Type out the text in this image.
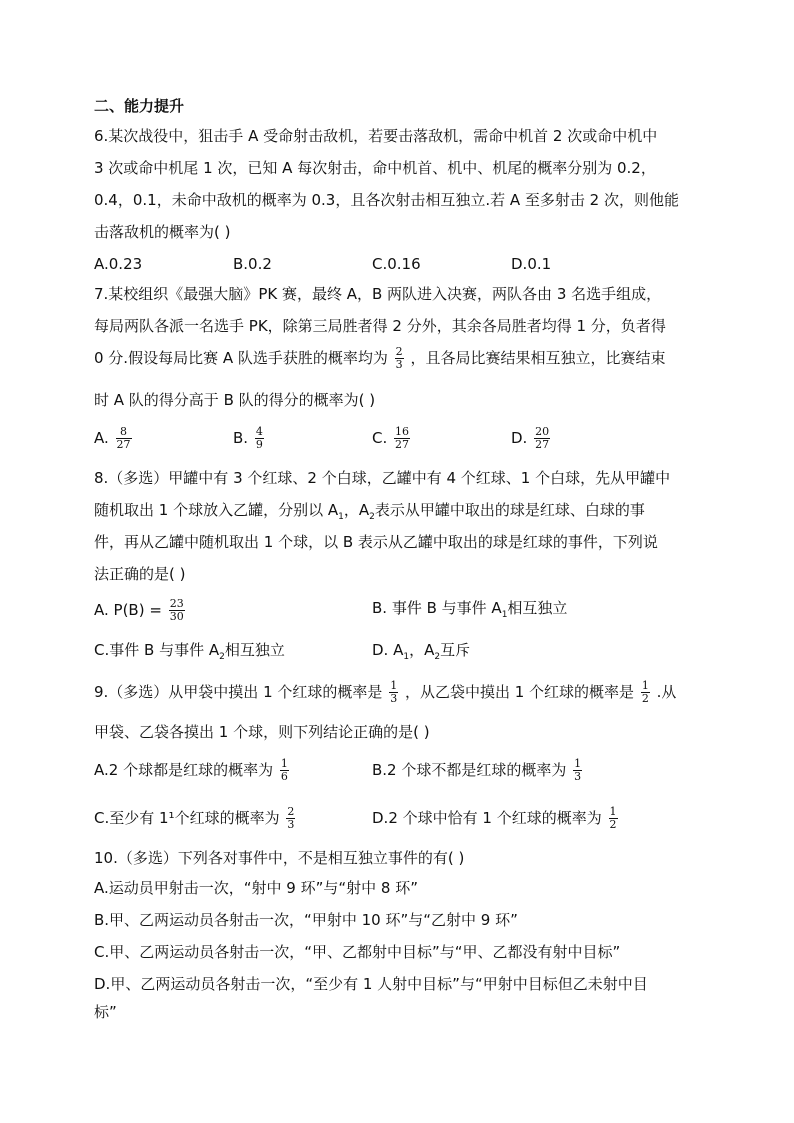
二、能力提升
6.某次战役中，狙击手 A 受命射击敌机，若要击落敌机，需命中机首 2 次或命中机中
3 次或命中机尾 1 次，已知 A 每次射击，命中机首、机中、机尾的概率分别为 0.2，
0.4，0.1，未命中敌机的概率为 0.3，且各次射击相互独立.若 A 至多射击 2 次，则他能
击落敌机的概率为( )
A.0.23	B.0.2	C.0.16	D.0.1
7.某校组织《最强大脑》PK 赛，最终 A，B 两队进入决赛，两队各由 3 名选手组成，
每局两队各派一名选手 PK，除第三局胜者得 2 分外，其余各局胜者均得 1 分，负者得
0 分.假设每局比赛 A 队选手获胜的概率均为 $\frac{2}{3}$ ，且各局比赛结果相互独立，比赛结束
时 A 队的得分高于 B 队的得分的概率为( )
A. $\frac{8}{27}$	B. $\frac{4}{9}$	C. $\frac{16}{27}$	D. $\frac{20}{27}$
8.（多选）甲罐中有 3 个红球、2 个白球，乙罐中有 4 个红球、1 个白球，先从甲罐中
随机取出 1 个球放入乙罐，分别以 $A_1$，$A_2$表示从甲罐中取出的球是红球、白球的事
件，再从乙罐中随机取出 1 个球，以 B 表示从乙罐中取出的球是红球的事件，下列说
法正确的是( )
A. $P(B) = \frac{23}{30}$	B. 事件 B 与事件 $A_1$相互独立
C.事件 B 与事件 $A_2$相互独立	D. $A_1$，$A_2$互斥
9.（多选）从甲袋中摸出 1 个红球的概率是 $\frac{1}{3}$ ，从乙袋中摸出 1 个红球的概率是 $\frac{1}{2}$ .从
甲袋、乙袋各摸出 1 个球，则下列结论正确的是( )
A.2 个球都是红球的概率为 $\frac{1}{6}$	B.2 个球不都是红球的概率为 $\frac{1}{3}$
C.至少有 1¹个红球的概率为 $\frac{2}{3}$	D.2 个球中恰有 1 个红球的概率为 $\frac{1}{2}$
10.（多选）下列各对事件中，不是相互独立事件的有( )
A.运动员甲射击一次，“射中 9 环”与“射中 8 环”
B.甲、乙两运动员各射击一次，“甲射中 10 环”与“乙射中 9 环”
C.甲、乙两运动员各射击一次，“甲、乙都射中目标”与“甲、乙都没有射中目标”
D.甲、乙两运动员各射击一次，“至少有 1 人射中目标”与“甲射中目标但乙未射中目
标”
